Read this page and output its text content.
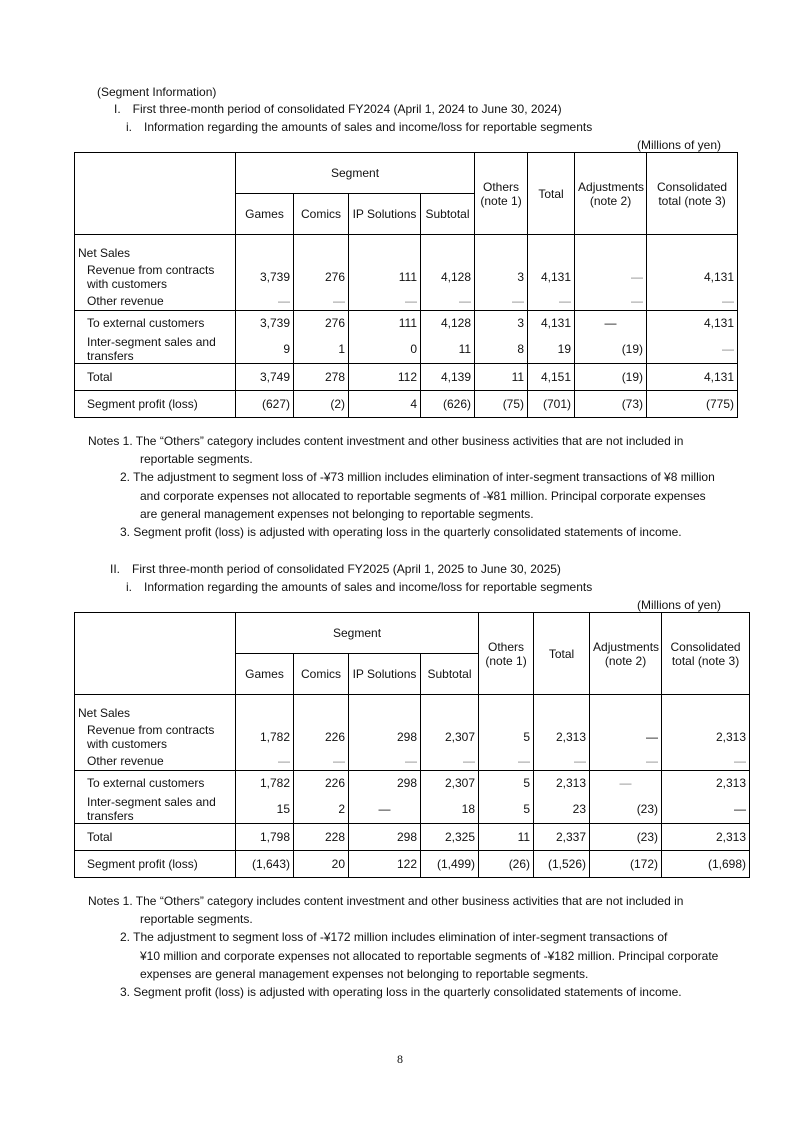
(Segment Information)
I. First three-month period of consolidated FY2024 (April 1, 2024 to June 30, 2024)
i. Information regarding the amounts of sales and income/loss for reportable segments
(Millions of yen)
	Segment				Others (note 1)	Total	Adjustments (note 2)	Consolidated total (note 3)
	Games	Comics	IP Solutions	Subtotal				
Net Sales								
Revenue from contracts with customers	3,739	276	111	4,128	3	4,131	—	4,131
Other revenue	—	—	—	—	—	—	—	—
To external customers	3,739	276	111	4,128	3	4,131	—	4,131
Inter-segment sales and transfers	9	1	0	11	8	19	(19)	—
Total	3,749	278	112	4,139	11	4,151	(19)	4,131
Segment profit (loss)	(627)	(2)	4	(626)	(75)	(701)	(73)	(775)
Notes 1. The “Others” category includes content investment and other business activities that are not included in
reportable segments.
2. The adjustment to segment loss of -¥73 million includes elimination of inter-segment transactions of ¥8 million
and corporate expenses not allocated to reportable segments of -¥81 million. Principal corporate expenses
are general management expenses not belonging to reportable segments.
3. Segment profit (loss) is adjusted with operating loss in the quarterly consolidated statements of income.
II. First three-month period of consolidated FY2025 (April 1, 2025 to June 30, 2025)
i. Information regarding the amounts of sales and income/loss for reportable segments
(Millions of yen)
	Segment				Others (note 1)	Total	Adjustments (note 2)	Consolidated total (note 3)
	Games	Comics	IP Solutions	Subtotal				
Net Sales								
Revenue from contracts with customers	1,782	226	298	2,307	5	2,313	—	2,313
Other revenue	—	—	—	—	—	—	—	—
To external customers	1,782	226	298	2,307	5	2,313	—	2,313
Inter-segment sales and transfers	15	2	—	18	5	23	(23)	—
Total	1,798	228	298	2,325	11	2,337	(23)	2,313
Segment profit (loss)	(1,643)	20	122	(1,499)	(26)	(1,526)	(172)	(1,698)
Notes 1. The “Others” category includes content investment and other business activities that are not included in
reportable segments.
2. The adjustment to segment loss of -¥172 million includes elimination of inter-segment transactions of
¥10 million and corporate expenses not allocated to reportable segments of -¥182 million. Principal corporate
expenses are general management expenses not belonging to reportable segments.
3. Segment profit (loss) is adjusted with operating loss in the quarterly consolidated statements of income.
8
